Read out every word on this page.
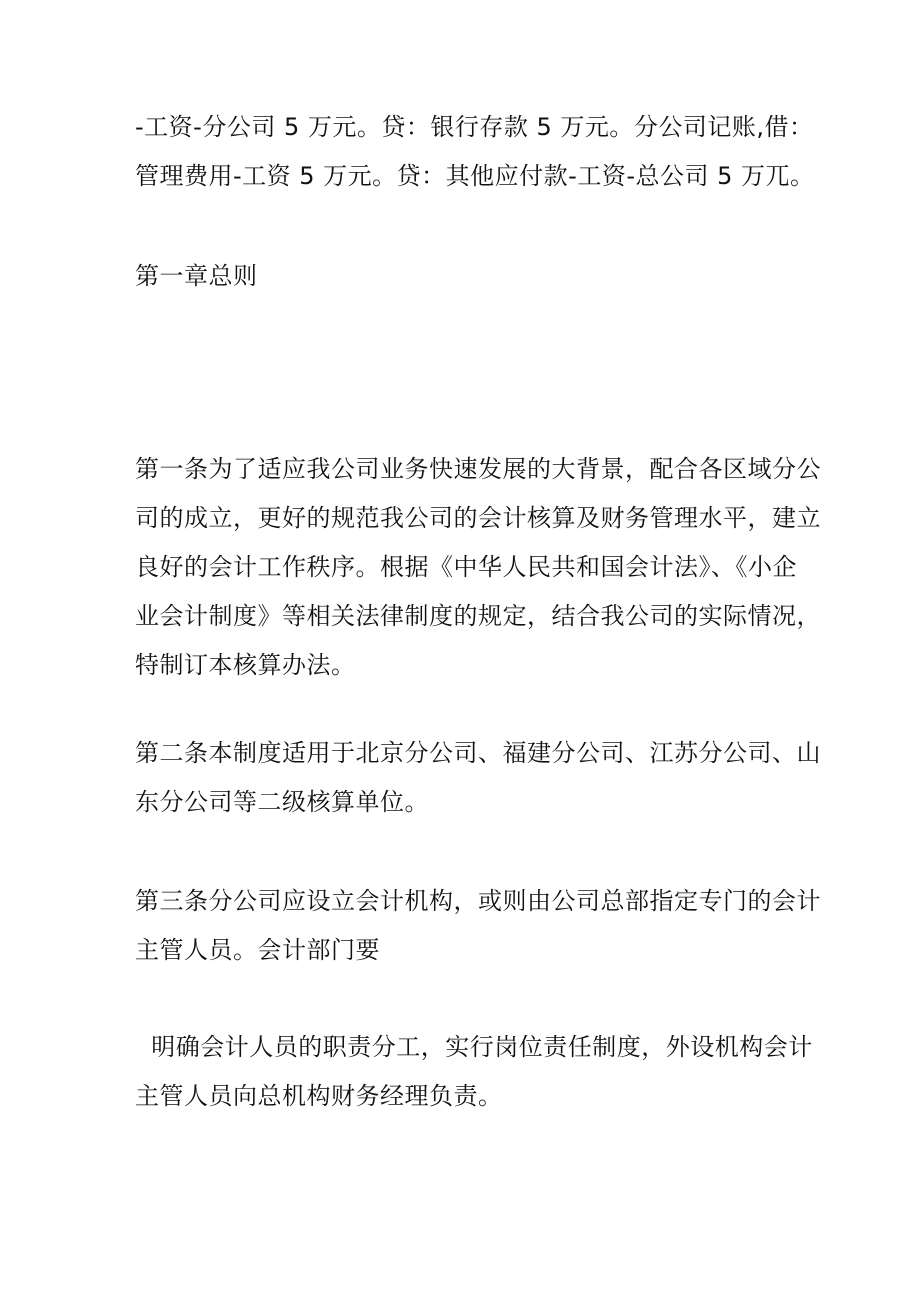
-工资-分公司 5 万元。贷：银行存款 5 万元。分公司记账,借：
管理费用-工资 5 万元。贷：其他应付款-工资-总公司 5 万兀。

第一章总则

第一条为了适应我公司业务快速发展的大背景，配合各区域分公
司的成立，更好的规范我公司的会计核算及财务管理水平，建立
良好的会计工作秩序。根据《中华人民共和国会计法》、《小企
业会计制度》等相关法律制度的规定，结合我公司的实际情况，
特制订本核算办法。

第二条本制度适用于北京分公司、福建分公司、江苏分公司、山
东分公司等二级核算单位。

第三条分公司应设立会计机构，或则由公司总部指定专门的会计
主管人员。会计部门要

明确会计人员的职责分工，实行岗位责任制度，外设机构会计
主管人员向总机构财务经理负责。
